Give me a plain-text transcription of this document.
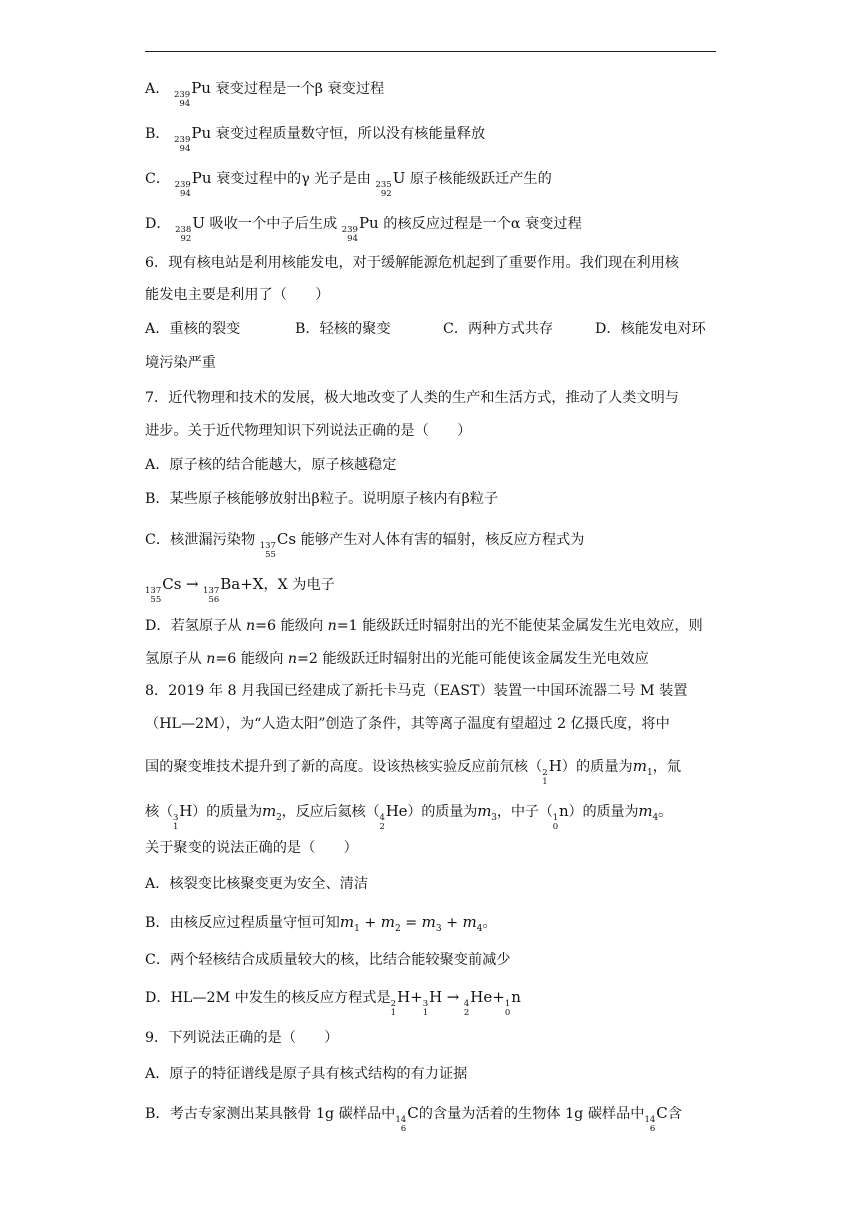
A． 239
94
Pu 衰变过程是一个β 衰变过程
B． 239
94
Pu 衰变过程质量数守恒，所以没有核能量释放
C． 239
94
Pu 衰变过程中的γ 光子是由 235
92
U 原子核能级跃迁产生的
D． 238
92
U 吸收一个中子后生成 239
94
Pu 的核反应过程是一个α 衰变过程
6．现有核电站是利用核能发电，对于缓解能源危机起到了重要作用。我们现在利用核
能发电主要是利用了（　　）
A．重核的裂变	B．轻核的聚变	C．两种方式共存	D．核能发电对环
境污染严重
7．近代物理和技术的发展，极大地改变了人类的生产和生活方式，推动了人类文明与
进步。关于近代物理知识下列说法正确的是（　　）
A．原子核的结合能越大，原子核越稳定
B．某些原子核能够放射出β粒子。说明原子核内有β粒子
C．核泄漏污染物 137
55
Cs 能够产生对人体有害的辐射，核反应方程式为
137
55
Cs → 137
56
Ba+X，X 为电子
D．若氢原子从 n=6 能级向 n=1 能级跃迁时辐射出的光不能使某金属发生光电效应，则
氢原子从 n=6 能级向 n=2 能级跃迁时辐射出的光能可能使该金属发生光电效应
8．2019 年 8 月我国已经建成了新托卡马克（EAST）装置一中国环流器二号 M 装置
（HL—2M），为“人造太阳”创造了条件，其等离子温度有望超过 2 亿摄氏度，将中
国的聚变堆技术提升到了新的高度。设该热核实验反应前氘核（ 2
1
H）的质量为$m_1$，氚
核（ 3
1
H）的质量为$m_2$，反应后氦核（ 4
2
He）的质量为$m_3$，中子（ 1
0
n）的质量为$m_4$。
关于聚变的说法正确的是（　　）
A．核裂变比核聚变更为安全、清洁
B．由核反应过程质量守恒可知$m_1 + m_2 = m_3 + m_4$。
C．两个轻核结合成质量较大的核，比结合能较聚变前减少
D．HL—2M 中发生的核反应方程式是 2
1
H+ 3
1
H → 4
2
He+ 1
0
n
9．下列说法正确的是（　　）
A．原子的特征谱线是原子具有核式结构的有力证据
B．考古专家测出某具骸骨 1g 碳样品中 14
6
C的含量为活着的生物体 1g 碳样品中 14
6
C含
